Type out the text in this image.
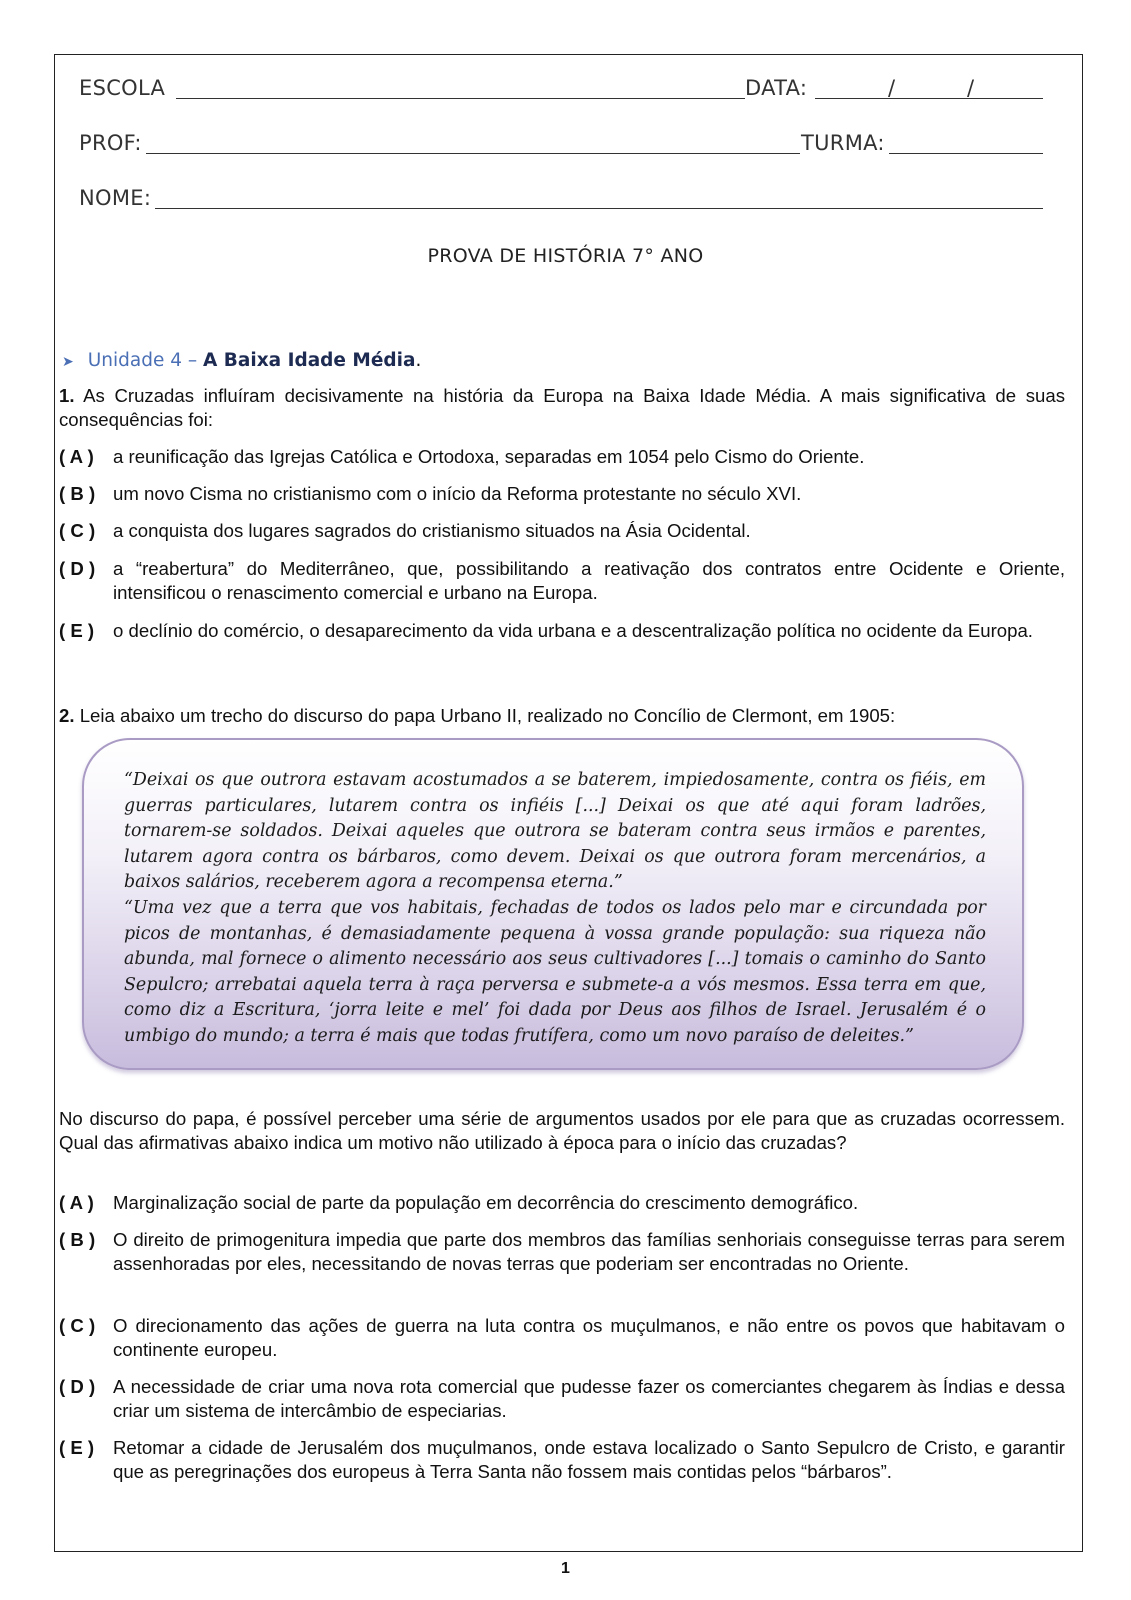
ESCOLA	DATA:	/	/
PROF:	TURMA:
NOME:
PROVA DE HISTÓRIA 7° ANO
➤ Unidade 4 – A Baixa Idade Média.
1. As Cruzadas influíram decisivamente na história da Europa na Baixa Idade Média. A mais significativa de suas consequências foi:
( A ) a reunificação das Igrejas Católica e Ortodoxa, separadas em 1054 pelo Cismo do Oriente.
( B ) um novo Cisma no cristianismo com o início da Reforma protestante no século XVI.
( C ) a conquista dos lugares sagrados do cristianismo situados na Ásia Ocidental.
( D ) a “reabertura” do Mediterrâneo, que, possibilitando a reativação dos contratos entre Ocidente e Oriente, intensificou o renascimento comercial e urbano na Europa.
( E ) o declínio do comércio, o desaparecimento da vida urbana e a descentralização política no ocidente da Europa.
2. Leia abaixo um trecho do discurso do papa Urbano II, realizado no Concílio de Clermont, em 1905:

“Deixai os que outrora estavam acostumados a se baterem, impiedosamente, contra os fiéis, em guerras particulares, lutarem contra os infiéis [...] Deixai os que até aqui foram ladrões, tornarem-se soldados. Deixai aqueles que outrora se bateram contra seus irmãos e parentes, lutarem agora contra os bárbaros, como devem. Deixai os que outrora foram mercenários, a baixos salários, receberem agora a recompensa eterna.”

“Uma vez que a terra que vos habitais, fechadas de todos os lados pelo mar e circundada por picos de montanhas, é demasiadamente pequena à vossa grande população: sua riqueza não abunda, mal fornece o alimento necessário aos seus cultivadores [...] tomais o caminho do Santo Sepulcro; arrebatai aquela terra à raça perversa e submete-a a vós mesmos. Essa terra em que, como diz a Escritura, ‘jorra leite e mel’ foi dada por Deus aos filhos de Israel. Jerusalém é o umbigo do mundo; a terra é mais que todas frutífera, como um novo paraíso de deleites.”

No discurso do papa, é possível perceber uma série de argumentos usados por ele para que as cruzadas ocorressem. Qual das afirmativas abaixo indica um motivo não utilizado à época para o início das cruzadas?
( A ) Marginalização social de parte da população em decorrência do crescimento demográfico.
( B ) O direito de primogenitura impedia que parte dos membros das famílias senhoriais conseguisse terras para serem assenhoradas por eles, necessitando de novas terras que poderiam ser encontradas no Oriente.
( C ) O direcionamento das ações de guerra na luta contra os muçulmanos, e não entre os povos que habitavam o continente europeu.
( D ) A necessidade de criar uma nova rota comercial que pudesse fazer os comerciantes chegarem às Índias e dessa criar um sistema de intercâmbio de especiarias.
( E ) Retomar a cidade de Jerusalém dos muçulmanos, onde estava localizado o Santo Sepulcro de Cristo, e garantir que as peregrinações dos europeus à Terra Santa não fossem mais contidas pelos “bárbaros”.
1
